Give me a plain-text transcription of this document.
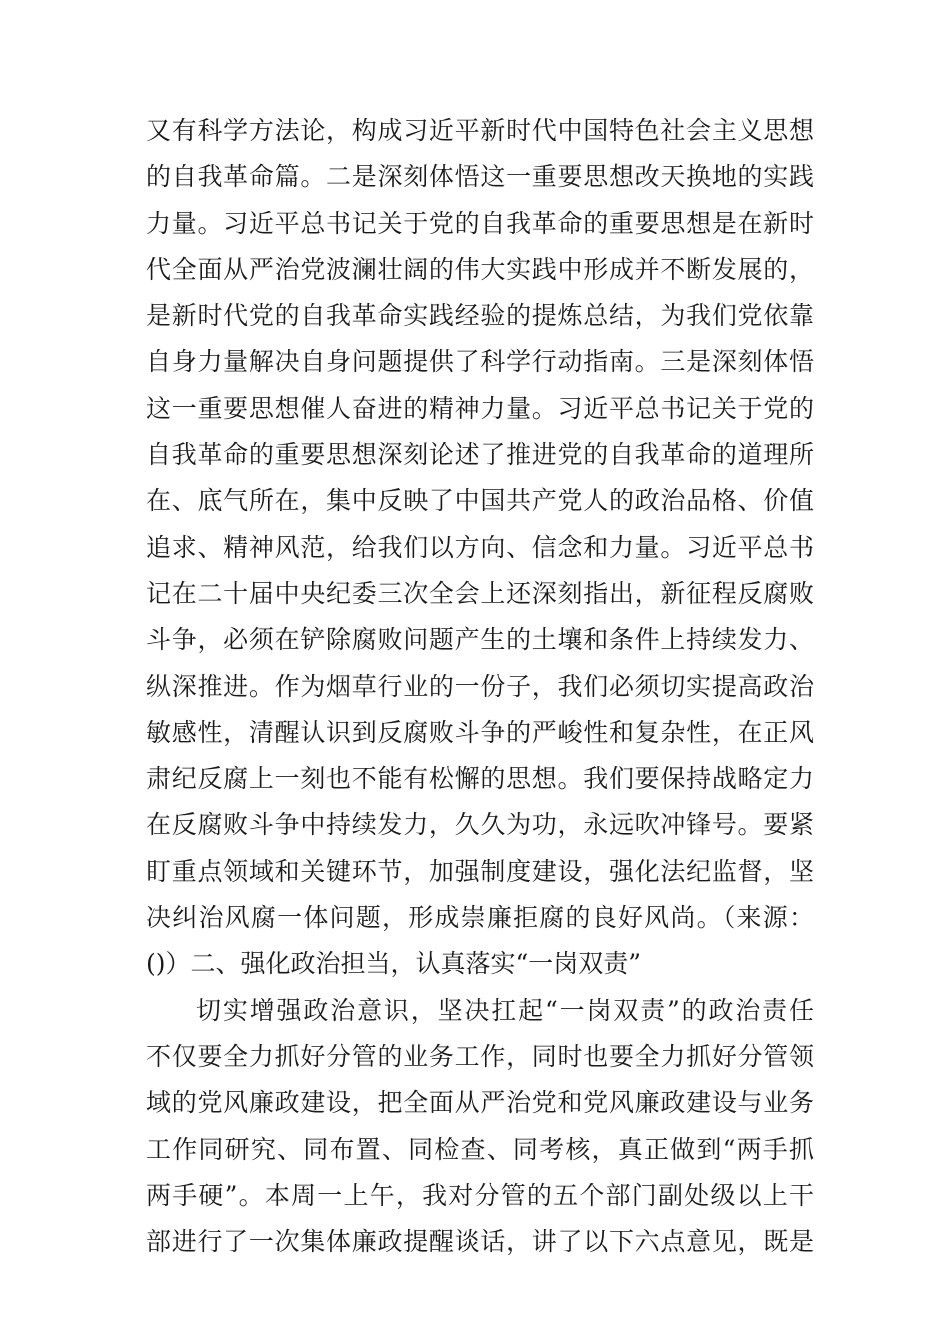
又有科学方法论，构成习近平新时代中国特色社会主义思想
的自我革命篇。二是深刻体悟这一重要思想改天换地的实践
力量。习近平总书记关于党的自我革命的重要思想是在新时
代全面从严治党波澜壮阔的伟大实践中形成并不断发展的，
是新时代党的自我革命实践经验的提炼总结，为我们党依靠
自身力量解决自身问题提供了科学行动指南。三是深刻体悟
这一重要思想催人奋进的精神力量。习近平总书记关于党的
自我革命的重要思想深刻论述了推进党的自我革命的道理所
在、底气所在，集中反映了中国共产党人的政治品格、价值
追求、精神风范，给我们以方向、信念和力量。习近平总书
记在二十届中央纪委三次全会上还深刻指出，新征程反腐败
斗争，必须在铲除腐败问题产生的土壤和条件上持续发力、
纵深推进。作为烟草行业的一份子，我们必须切实提高政治
敏感性，清醒认识到反腐败斗争的严峻性和复杂性，在正风
肃纪反腐上一刻也不能有松懈的思想。我们要保持战略定力
在反腐败斗争中持续发力，久久为功，永远吹冲锋号。要紧
盯重点领域和关键环节，加强制度建设，强化法纪监督，坚
决纠治风腐一体问题，形成崇廉拒腐的良好风尚。（来源：
()）二、强化政治担当，认真落实“一岗双责”
切实增强政治意识，坚决扛起“一岗双责”的政治责任
不仅要全力抓好分管的业务工作，同时也要全力抓好分管领
域的党风廉政建设，把全面从严治党和党风廉政建设与业务
工作同研究、同布置、同检查、同考核，真正做到“两手抓
两手硬”。本周一上午，我对分管的五个部门副处级以上干
部进行了一次集体廉政提醒谈话，讲了以下六点意见，既是
